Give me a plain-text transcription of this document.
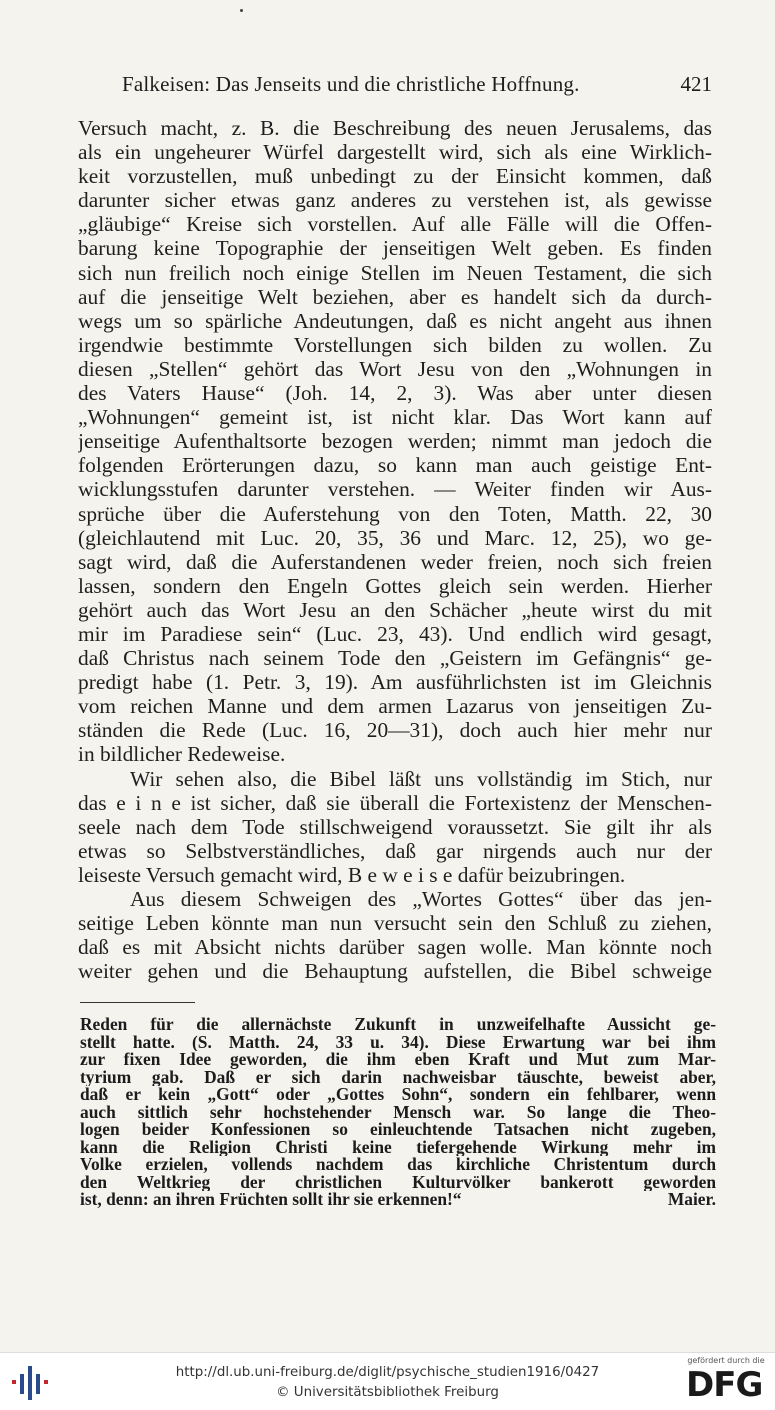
Falkeisen: Das Jenseits und die christliche Hoffnung.	421
Versuch macht, z. B. die Beschreibung des neuen Jerusalems, das
als ein ungeheurer Würfel dargestellt wird, sich als eine Wirklich-
keit vorzustellen, muß unbedingt zu der Einsicht kommen, daß
darunter sicher etwas ganz anderes zu verstehen ist, als gewisse
„gläubige“ Kreise sich vorstellen. Auf alle Fälle will die Offen-
barung keine Topographie der jenseitigen Welt geben. Es finden
sich nun freilich noch einige Stellen im Neuen Testament, die sich
auf die jenseitige Welt beziehen, aber es handelt sich da durch-
wegs um so spärliche Andeutungen, daß es nicht angeht aus ihnen
irgendwie bestimmte Vorstellungen sich bilden zu wollen. Zu
diesen „Stellen“ gehört das Wort Jesu von den „Wohnungen in
des Vaters Hause“ (Joh. 14, 2, 3). Was aber unter diesen
„Wohnungen“ gemeint ist, ist nicht klar. Das Wort kann auf
jenseitige Aufenthaltsorte bezogen werden; nimmt man jedoch die
folgenden Erörterungen dazu, so kann man auch geistige Ent-
wicklungsstufen darunter verstehen. — Weiter finden wir Aus-
sprüche über die Auferstehung von den Toten, Matth. 22, 30
(gleichlautend mit Luc. 20, 35, 36 und Marc. 12, 25), wo ge-
sagt wird, daß die Auferstandenen weder freien, noch sich freien
lassen, sondern den Engeln Gottes gleich sein werden. Hierher
gehört auch das Wort Jesu an den Schächer „heute wirst du mit
mir im Paradiese sein“ (Luc. 23, 43). Und endlich wird gesagt,
daß Christus nach seinem Tode den „Geistern im Gefängnis“ ge-
predigt habe (1. Petr. 3, 19). Am ausführlichsten ist im Gleichnis
vom reichen Manne und dem armen Lazarus von jenseitigen Zu-
ständen die Rede (Luc. 16, 20—31), doch auch hier mehr nur
in bildlicher Redeweise.
Wir sehen also, die Bibel läßt uns vollständig im Stich, nur
das e i n e ist sicher, daß sie überall die Fortexistenz der Menschen-
seele nach dem Tode stillschweigend voraussetzt. Sie gilt ihr als
etwas so Selbstverständliches, daß gar nirgends auch nur der
leiseste Versuch gemacht wird, B e w e i s e dafür beizubringen.
Aus diesem Schweigen des „Wortes Gottes“ über das jen-
seitige Leben könnte man nun versucht sein den Schluß zu ziehen,
daß es mit Absicht nichts darüber sagen wolle. Man könnte noch
weiter gehen und die Behauptung aufstellen, die Bibel schweige
Reden für die allernächste Zukunft in unzweifelhafte Aussicht ge-
stellt hatte. (S. Matth. 24, 33 u. 34). Diese Erwartung war bei ihm
zur fixen Idee geworden, die ihm eben Kraft und Mut zum Mar-
tyrium gab. Daß er sich darin nachweisbar täuschte, beweist aber,
daß er kein „Gott“ oder „Gottes Sohn“, sondern ein fehlbarer, wenn
auch sittlich sehr hochstehender Mensch war. So lange die Theo-
logen beider Konfessionen so einleuchtende Tatsachen nicht zugeben,
kann die Religion Christi keine tiefergehende Wirkung mehr im
Volke erzielen, vollends nachdem das kirchliche Christentum durch
den Weltkrieg der christlichen Kulturvölker bankerott geworden
ist, denn: an ihren Früchten sollt ihr sie erkennen!“	Maier.
http://dl.ub.uni-freiburg.de/diglit/psychische_studien1916/0427
© Universitätsbibliothek Freiburg
gefördert durch die
DFG
